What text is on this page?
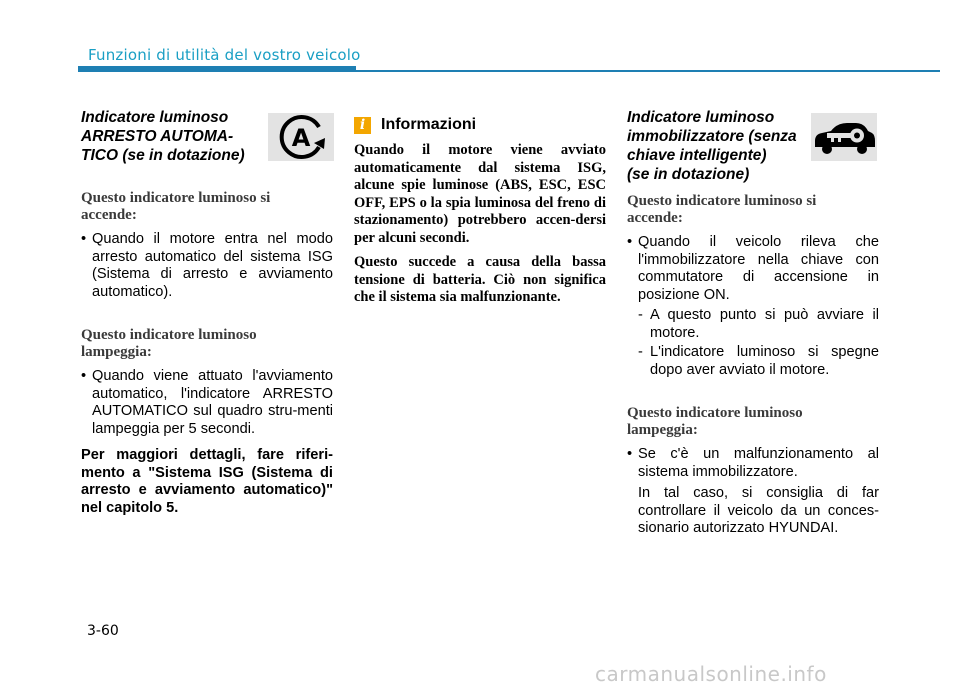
Funzioni di utilità del vostro veicolo
A
Indicatore luminoso
ARRESTO AUTOMA-
TICO (se in dotazione)
Questo indicatore luminoso si
accende:
• Quando il motore entra nel modo arresto automatico del sistema ISG (Sistema di arresto e avviamento automatico).
Questo indicatore luminoso
lampeggia:
• Quando viene attuato l'avviamento automatico, l'indicatore ARRESTO AUTOMATICO sul quadro stru-menti lampeggia per 5 secondi.
Per maggiori dettagli, fare riferi-mento a "Sistema ISG (Sistema di arresto e avviamento automatico)" nel capitolo 5.
i Informazioni
Quando il motore viene avviato automaticamente dal sistema ISG, alcune spie luminose (ABS, ESC, ESC OFF, EPS o la spia luminosa del freno di stazionamento) potrebbero accen-dersi per alcuni secondi.
Questo succede a causa della bassa tensione di batteria. Ciò non significa che il sistema sia malfunzionante.
Indicatore luminoso
immobilizzatore (senza
chiave intelligente)
(se in dotazione)
Questo indicatore luminoso si
accende:
• Quando il veicolo rileva che l'immobilizzatore nella chiave con commutatore di accensione in posizione ON.
- A questo punto si può avviare il motore.
- L'indicatore luminoso si spegne dopo aver avviato il motore.
Questo indicatore luminoso
lampeggia:
• Se c'è un malfunzionamento al sistema immobilizzatore.
In tal caso, si consiglia di far controllare il veicolo da un conces-sionario autorizzato HYUNDAI.
3-60
carmanualsonline.info
